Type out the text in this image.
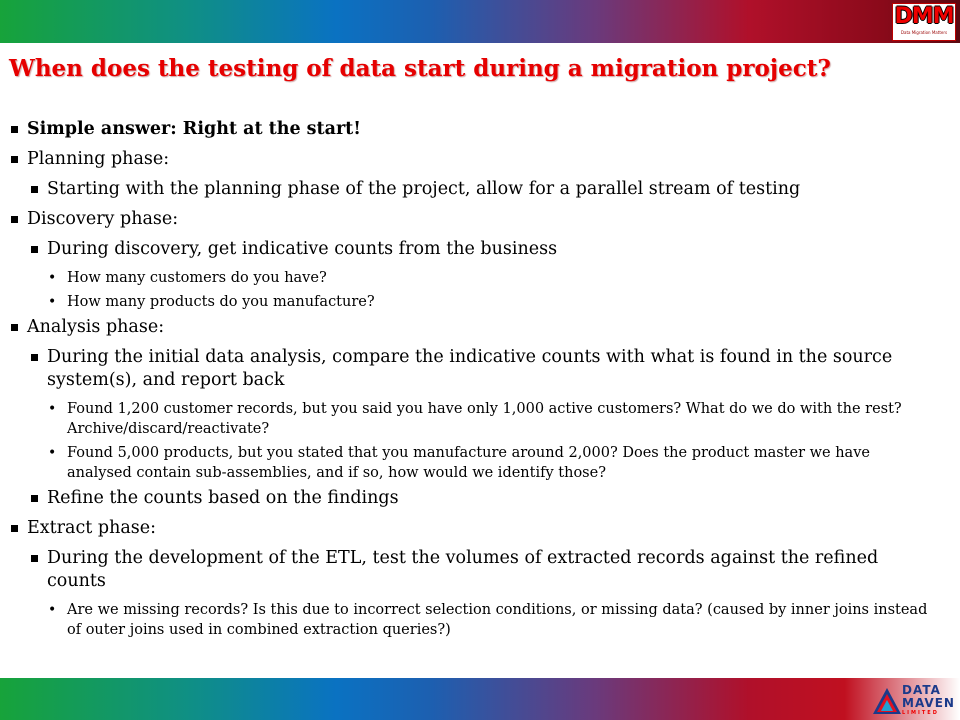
DMM
Data Migration Matters
When does the testing of data start during a migration project?
Simple answer: Right at the start!
Planning phase:
Starting with the planning phase of the project, allow for a parallel stream of testing
Discovery phase:
During discovery, get indicative counts from the business
• How many customers do you have?
• How many products do you manufacture?
Analysis phase:
During the initial data analysis, compare the indicative counts with what is found in the source system(s), and report back
• Found 1,200 customer records, but you said you have only 1,000 active customers? What do we do with the rest? Archive/discard/reactivate?
• Found 5,000 products, but you stated that you manufacture around 2,000? Does the product master we have analysed contain sub-assemblies, and if so, how would we identify those?
Refine the counts based on the findings
Extract phase:
During the development of the ETL, test the volumes of extracted records against the refined counts
• Are we missing records? Is this due to incorrect selection conditions, or missing data? (caused by inner joins instead of outer joins used in combined extraction queries?)
DATA
MAVEN
LIMITED
